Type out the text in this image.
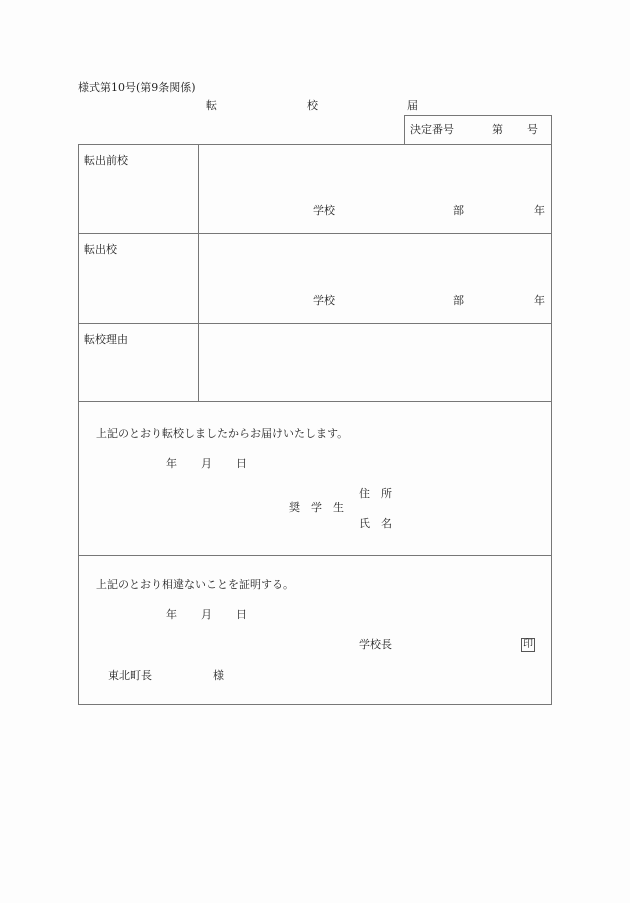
様式第10号(第9条関係)
転	校	届
決定番号	第 号
転出前校
学校	部	年
転出校
学校	部	年
転校理由
上記のとおり転校しましたからお届けいたします。
年 月 日
住　所
奨　学　生
氏　名
上記のとおり相違ないことを証明する。
年 月 日
学校長	印
東北町長	様
